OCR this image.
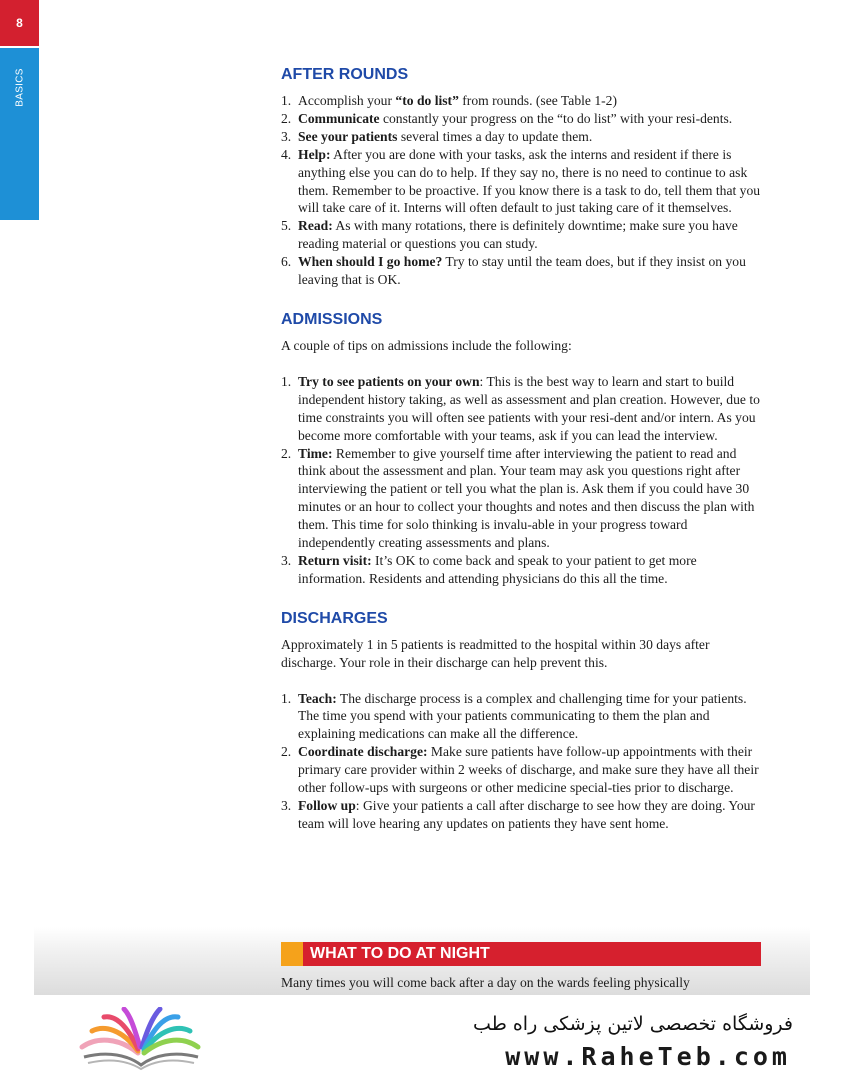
8
BASICS	AFTER ROUNDS
1. Accomplish your “to do list” from rounds. (see Table 1-2)
2. Communicate constantly your progress on the “to do list” with your resi-dents.
3. See your patients several times a day to update them.
4. Help: After you are done with your tasks, ask the interns and resident if there is anything else you can do to help. If they say no, there is no need to continue to ask them. Remember to be proactive. If you know there is a task to do, tell them that you will take care of it. Interns will often default to just taking care of it themselves.
5. Read: As with many rotations, there is definitely downtime; make sure you have reading material or questions you can study.
6. When should I go home? Try to stay until the team does, but if they insist on you leaving that is OK.
ADMISSIONS

A couple of tips on admissions include the following:

1. Try to see patients on your own: This is the best way to learn and start to build independent history taking, as well as assessment and plan creation. However, due to time constraints you will often see patients with your resi-dent and/or intern. As you become more comfortable with your teams, ask if you can lead the interview.
2. Time: Remember to give yourself time after interviewing the patient to read and think about the assessment and plan. Your team may ask you questions right after interviewing the patient or tell you what the plan is. Ask them if you could have 30 minutes or an hour to collect your thoughts and notes and then discuss the plan with them. This time for solo thinking is invalu-able in your progress toward independently creating assessments and plans.
3. Return visit: It’s OK to come back and speak to your patient to get more information. Residents and attending physicians do this all the time.
DISCHARGES

Approximately 1 in 5 patients is readmitted to the hospital within 30 days after discharge. Your role in their discharge can help prevent this.

1. Teach: The discharge process is a complex and challenging time for your patients. The time you spend with your patients communicating to them the plan and explaining medications can make all the difference.
2. Coordinate discharge: Make sure patients have follow-up appointments with their primary care provider within 2 weeks of discharge, and make sure they have all their other follow-ups with surgeons or other medicine special-ties prior to discharge.
3. Follow up: Give your patients a call after discharge to see how they are doing. Your team will love hearing any updates on patients they have sent home.
WHAT TO DO AT NIGHT
Many times you will come back after a day on the wards feeling physically
فروشگاه تخصصی لاتین پزشکی راه طب
www.RaheTeb.com
